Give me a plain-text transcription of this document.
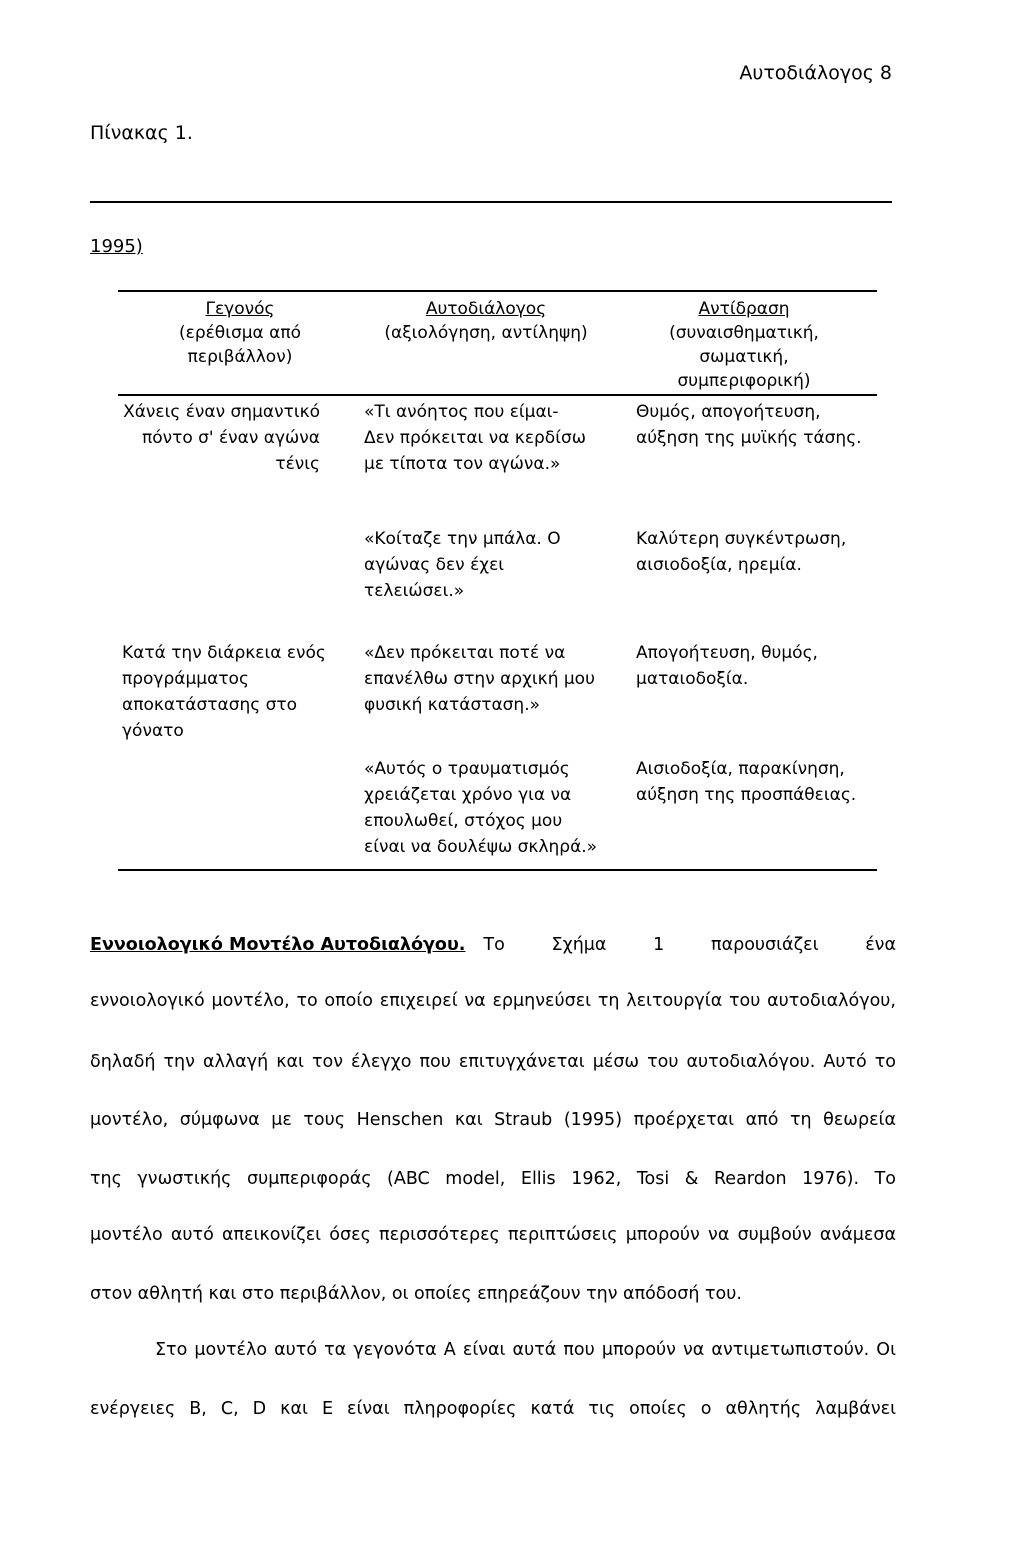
Αυτοδιάλογος 8
Πίνακας 1.
1995)
Γεγονός
(ερέθισμα από
περιβάλλον)
Αυτοδιάλογος
(αξιολόγηση, αντίληψη)
Αντίδραση
(συναισθηματική,
σωματική,
συμπεριφορική)
Χάνεις έναν σημαντικό
πόντο σ' έναν αγώνα
τένις
«Τι ανόητος που είμαι-
Δεν πρόκειται να κερδίσω
με τίποτα τον αγώνα.»
Θυμός, απογοήτευση,
αύξηση της μυϊκής τάσης.
«Κοίταζε την μπάλα. Ο
αγώνας δεν έχει
τελειώσει.»
Καλύτερη συγκέντρωση,
αισιοδοξία, ηρεμία.
Κατά την διάρκεια ενός
προγράμματος
αποκατάστασης στο
γόνατο
«Δεν πρόκειται ποτέ να
επανέλθω στην αρχική μου
φυσική κατάσταση.»
Απογοήτευση, θυμός,
ματαιοδοξία.
«Αυτός ο τραυματισμός
χρειάζεται χρόνο για να
επουλωθεί, στόχος μου
είναι να δουλέψω σκληρά.»
Αισιοδοξία, παρακίνηση,
αύξηση της προσπάθειας.
Εννοιολογικό Μοντέλο Αυτοδιαλόγου. Το Σχήμα 1 παρουσιάζει ένα
εννοιολογικό μοντέλο, το οποίο επιχειρεί να ερμηνεύσει τη λειτουργία του αυτοδιαλόγου,
δηλαδή την αλλαγή και τον έλεγχο που επιτυγχάνεται μέσω του αυτοδιαλόγου. Αυτό το
μοντέλο, σύμφωνα με τους Henschen και Straub (1995) προέρχεται από τη θεωρεία
της γνωστικής συμπεριφοράς (ABC model, Ellis 1962, Tosi & Reardon 1976). Το
μοντέλο αυτό απεικονίζει όσες περισσότερες περιπτώσεις μπορούν να συμβούν ανάμεσα
στον αθλητή και στο περιβάλλον, οι οποίες επηρεάζουν την απόδοσή του.
Στο μοντέλο αυτό τα γεγονότα Α είναι αυτά που μπορούν να αντιμετωπιστούν. Οι
ενέργειες B, C, D και E είναι πληροφορίες κατά τις οποίες ο αθλητής λαμβάνει
